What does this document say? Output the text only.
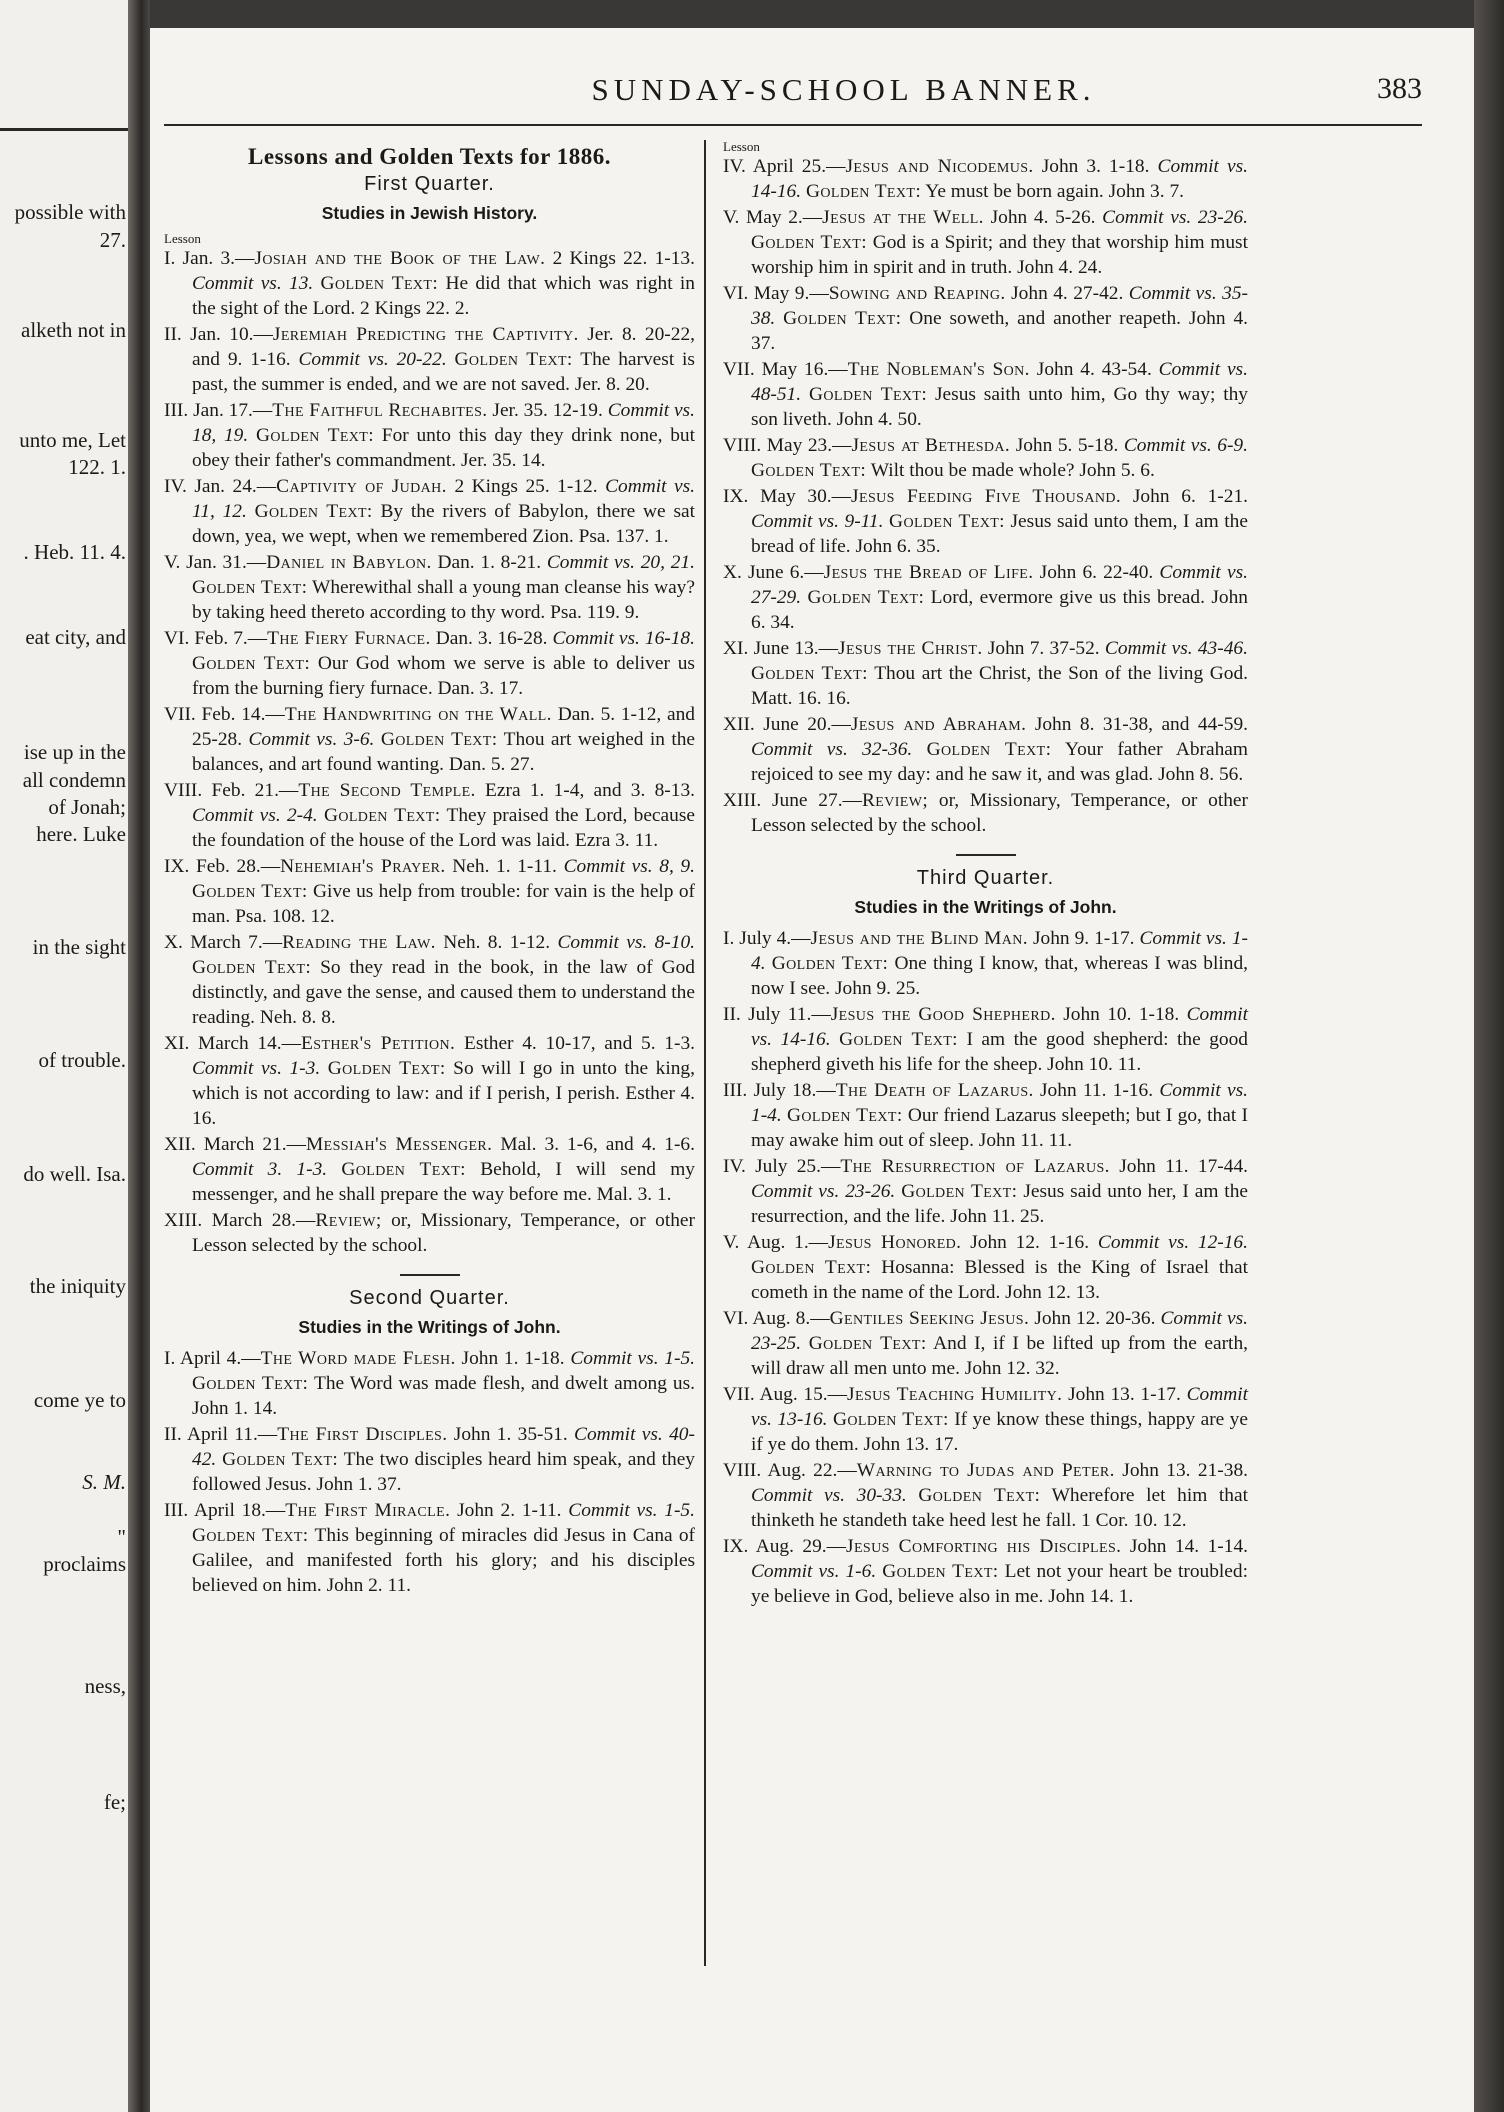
possible with
27.
alketh not in
unto me, Let
122. 1.
. Heb. 11. 4.
eat city, and
ise up in the
all condemn
of Jonah;
here. Luke
in the sight
of trouble.
do well. Isa.
the iniquity
come ye to
S. M.
"
proclaims
ness,
fe;
SUNDAY-SCHOOL BANNER.	383
Lessons and Golden Texts for 1886.
First Quarter.
Studies in Jewish History.
Lesson
I. Jan. 3.—Josiah and the Book of the Law. 2 Kings 22. 1-13. Commit vs. 13. Golden Text: He did that which was right in the sight of the Lord. 2 Kings 22. 2.
II. Jan. 10.—Jeremiah Predicting the Captivity. Jer. 8. 20-22, and 9. 1-16. Commit vs. 20-22. Golden Text: The harvest is past, the summer is ended, and we are not saved. Jer. 8. 20.
III. Jan. 17.—The Faithful Rechabites. Jer. 35. 12-19. Commit vs. 18, 19. Golden Text: For unto this day they drink none, but obey their father's commandment. Jer. 35. 14.
IV. Jan. 24.—Captivity of Judah. 2 Kings 25. 1-12. Commit vs. 11, 12. Golden Text: By the rivers of Babylon, there we sat down, yea, we wept, when we remembered Zion. Psa. 137. 1.
V. Jan. 31.—Daniel in Babylon. Dan. 1. 8-21. Commit vs. 20, 21. Golden Text: Wherewithal shall a young man cleanse his way? by taking heed thereto according to thy word. Psa. 119. 9.
VI. Feb. 7.—The Fiery Furnace. Dan. 3. 16-28. Commit vs. 16-18. Golden Text: Our God whom we serve is able to deliver us from the burning fiery furnace. Dan. 3. 17.
VII. Feb. 14.—The Handwriting on the Wall. Dan. 5. 1-12, and 25-28. Commit vs. 3-6. Golden Text: Thou art weighed in the balances, and art found wanting. Dan. 5. 27.
VIII. Feb. 21.—The Second Temple. Ezra 1. 1-4, and 3. 8-13. Commit vs. 2-4. Golden Text: They praised the Lord, because the foundation of the house of the Lord was laid. Ezra 3. 11.
IX. Feb. 28.—Nehemiah's Prayer. Neh. 1. 1-11. Commit vs. 8, 9. Golden Text: Give us help from trouble: for vain is the help of man. Psa. 108. 12.
X. March 7.—Reading the Law. Neh. 8. 1-12. Commit vs. 8-10. Golden Text: So they read in the book, in the law of God distinctly, and gave the sense, and caused them to understand the reading. Neh. 8. 8.
XI. March 14.—Esther's Petition. Esther 4. 10-17, and 5. 1-3. Commit vs. 1-3. Golden Text: So will I go in unto the king, which is not according to law: and if I perish, I perish. Esther 4. 16.
XII. March 21.—Messiah's Messenger. Mal. 3. 1-6, and 4. 1-6. Commit 3. 1-3. Golden Text: Behold, I will send my messenger, and he shall prepare the way before me. Mal. 3. 1.
XIII. March 28.—Review; or, Missionary, Temperance, or other Lesson selected by the school.
Second Quarter.
Studies in the Writings of John.
I. April 4.—The Word made Flesh. John 1. 1-18. Commit vs. 1-5. Golden Text: The Word was made flesh, and dwelt among us. John 1. 14.
II. April 11.—The First Disciples. John 1. 35-51. Commit vs. 40-42. Golden Text: The two disciples heard him speak, and they followed Jesus. John 1. 37.
III. April 18.—The First Miracle. John 2. 1-11. Commit vs. 1-5. Golden Text: This beginning of miracles did Jesus in Cana of Galilee, and manifested forth his glory; and his disciples believed on him. John 2. 11.
Lesson
IV. April 25.—Jesus and Nicodemus. John 3. 1-18. Commit vs. 14-16. Golden Text: Ye must be born again. John 3. 7.
V. May 2.—Jesus at the Well. John 4. 5-26. Commit vs. 23-26. Golden Text: God is a Spirit; and they that worship him must worship him in spirit and in truth. John 4. 24.
VI. May 9.—Sowing and Reaping. John 4. 27-42. Commit vs. 35-38. Golden Text: One soweth, and another reapeth. John 4. 37.
VII. May 16.—The Nobleman's Son. John 4. 43-54. Commit vs. 48-51. Golden Text: Jesus saith unto him, Go thy way; thy son liveth. John 4. 50.
VIII. May 23.—Jesus at Bethesda. John 5. 5-18. Commit vs. 6-9. Golden Text: Wilt thou be made whole? John 5. 6.
IX. May 30.—Jesus Feeding Five Thousand. John 6. 1-21. Commit vs. 9-11. Golden Text: Jesus said unto them, I am the bread of life. John 6. 35.
X. June 6.—Jesus the Bread of Life. John 6. 22-40. Commit vs. 27-29. Golden Text: Lord, evermore give us this bread. John 6. 34.
XI. June 13.—Jesus the Christ. John 7. 37-52. Commit vs. 43-46. Golden Text: Thou art the Christ, the Son of the living God. Matt. 16. 16.
XII. June 20.—Jesus and Abraham. John 8. 31-38, and 44-59. Commit vs. 32-36. Golden Text: Your father Abraham rejoiced to see my day: and he saw it, and was glad. John 8. 56.
XIII. June 27.—Review; or, Missionary, Temperance, or other Lesson selected by the school.
Third Quarter.
Studies in the Writings of John.
I. July 4.—Jesus and the Blind Man. John 9. 1-17. Commit vs. 1-4. Golden Text: One thing I know, that, whereas I was blind, now I see. John 9. 25.
II. July 11.—Jesus the Good Shepherd. John 10. 1-18. Commit vs. 14-16. Golden Text: I am the good shepherd: the good shepherd giveth his life for the sheep. John 10. 11.
III. July 18.—The Death of Lazarus. John 11. 1-16. Commit vs. 1-4. Golden Text: Our friend Lazarus sleepeth; but I go, that I may awake him out of sleep. John 11. 11.
IV. July 25.—The Resurrection of Lazarus. John 11. 17-44. Commit vs. 23-26. Golden Text: Jesus said unto her, I am the resurrection, and the life. John 11. 25.
V. Aug. 1.—Jesus Honored. John 12. 1-16. Commit vs. 12-16. Golden Text: Hosanna: Blessed is the King of Israel that cometh in the name of the Lord. John 12. 13.
VI. Aug. 8.—Gentiles Seeking Jesus. John 12. 20-36. Commit vs. 23-25. Golden Text: And I, if I be lifted up from the earth, will draw all men unto me. John 12. 32.
VII. Aug. 15.—Jesus Teaching Humility. John 13. 1-17. Commit vs. 13-16. Golden Text: If ye know these things, happy are ye if ye do them. John 13. 17.
VIII. Aug. 22.—Warning to Judas and Peter. John 13. 21-38. Commit vs. 30-33. Golden Text: Wherefore let him that thinketh he standeth take heed lest he fall. 1 Cor. 10. 12.
IX. Aug. 29.—Jesus Comforting his Disciples. John 14. 1-14. Commit vs. 1-6. Golden Text: Let not your heart be troubled: ye believe in God, believe also in me. John 14. 1.
